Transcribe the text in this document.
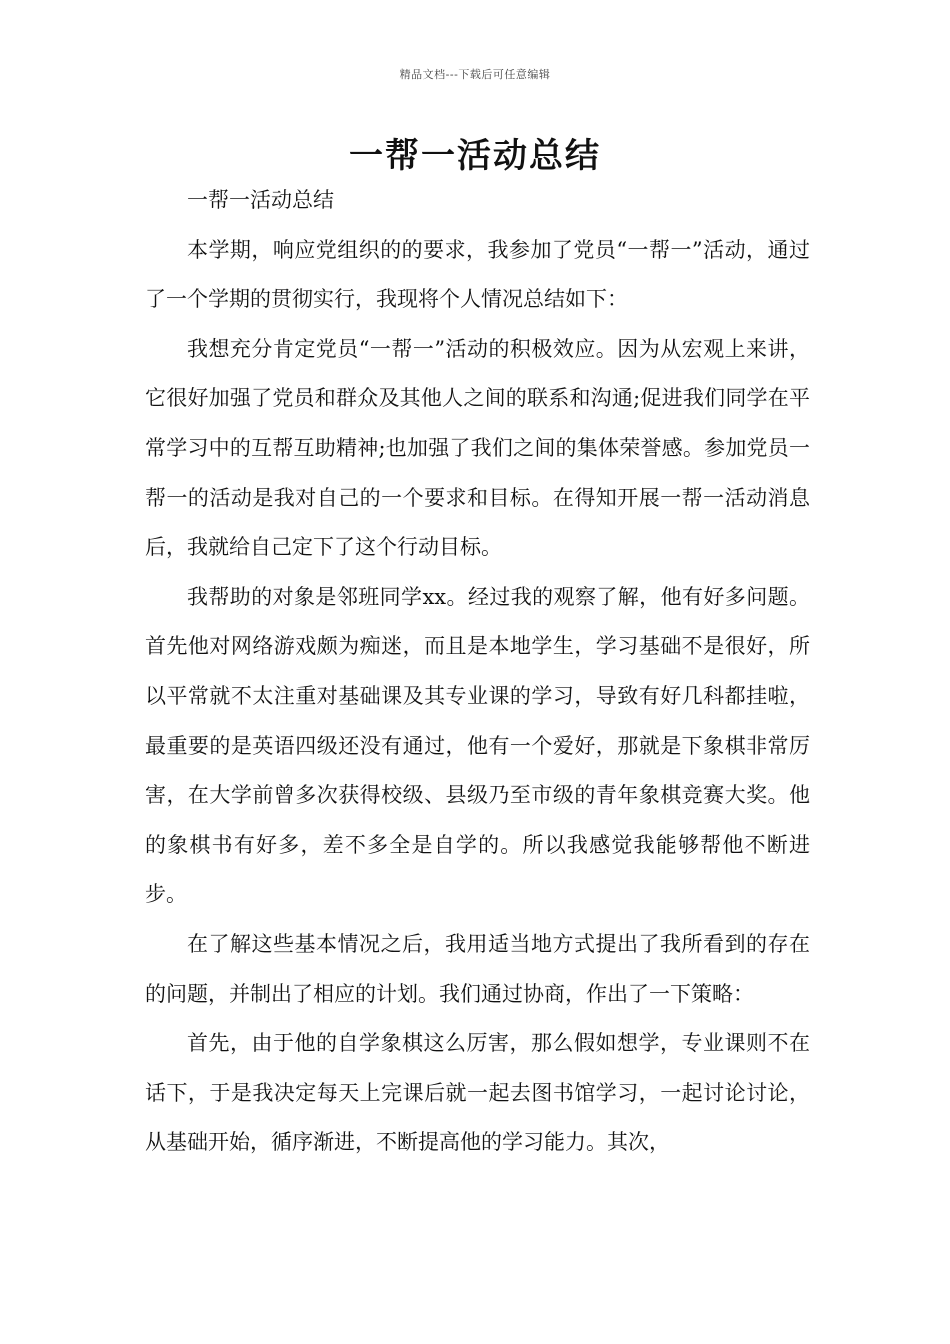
精品文档---下载后可任意编辑
一帮一活动总结

一帮一活动总结

本学期，响应党组织的的要求，我参加了党员“一帮一”活动，通过了一个学期的贯彻实行，我现将个人情况总结如下：

我想充分肯定党员“一帮一”活动的积极效应。因为从宏观上来讲，它很好加强了党员和群众及其他人之间的联系和沟通;促进我们同学在平常学习中的互帮互助精神;也加强了我们之间的集体荣誉感。参加党员一帮一的活动是我对自己的一个要求和目标。在得知开展一帮一活动消息后，我就给自己定下了这个行动目标。

我帮助的对象是邻班同学xx。经过我的观察了解，他有好多问题。首先他对网络游戏颇为痴迷，而且是本地学生，学习基础不是很好，所以平常就不太注重对基础课及其专业课的学习，导致有好几科都挂啦，最重要的是英语四级还没有通过，他有一个爱好，那就是下象棋非常厉害，在大学前曾多次获得校级、县级乃至市级的青年象棋竞赛大奖。他的象棋书有好多，差不多全是自学的。所以我感觉我能够帮他不断进步。

在了解这些基本情况之后，我用适当地方式提出了我所看到的存在的问题，并制出了相应的计划。我们通过协商，作出了一下策略：

首先，由于他的自学象棋这么厉害，那么假如想学，专业课则不在话下，于是我决定每天上完课后就一起去图书馆学习，一起讨论讨论，从基础开始，循序渐进，不断提高他的学习能力。其次，
